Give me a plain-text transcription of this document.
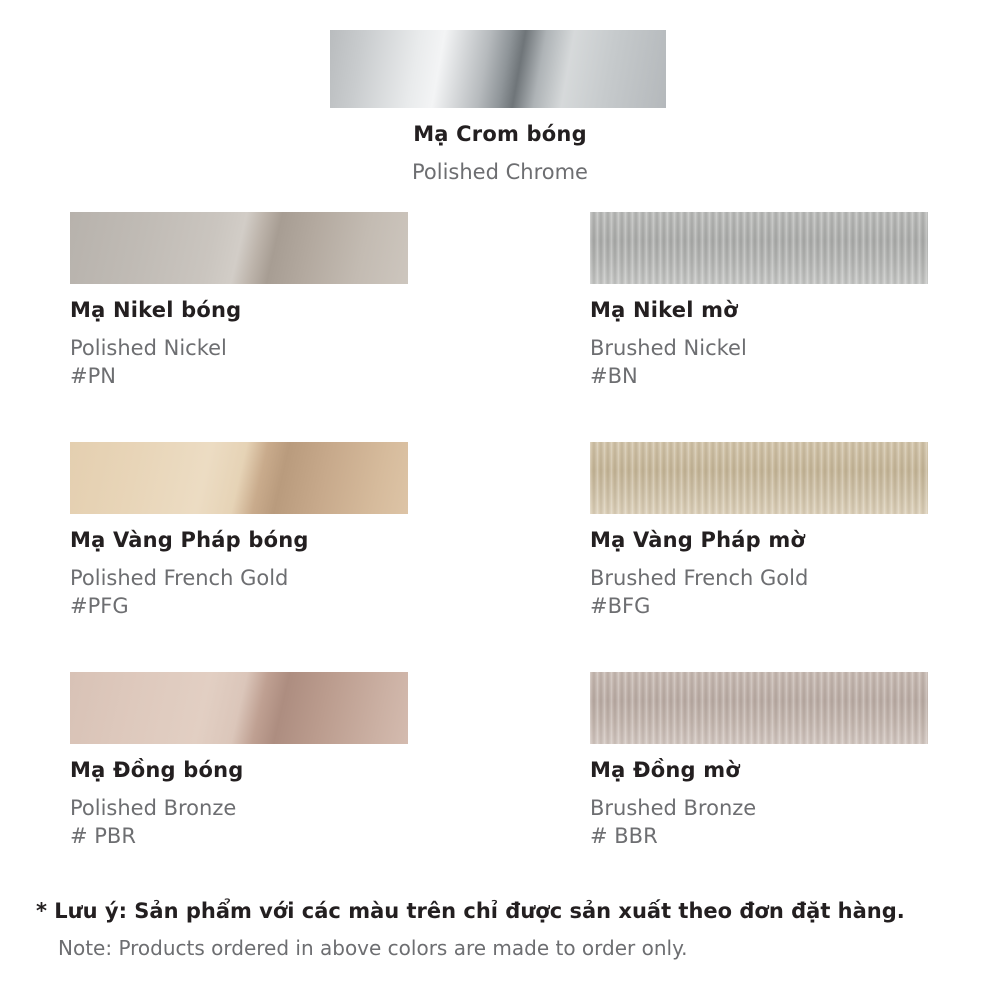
Mạ Crom bóng
Polished Chrome
Mạ Nikel bóng
Polished Nickel
#PN
Mạ Nikel mờ
Brushed Nickel
#BN
Mạ Vàng Pháp bóng
Polished French Gold
#PFG
Mạ Vàng Pháp mờ
Brushed French Gold
#BFG
Mạ Đồng bóng
Polished Bronze
# PBR
Mạ Đồng mờ
Brushed Bronze
# BBR
* Lưu ý: Sản phẩm với các màu trên chỉ được sản xuất theo đơn đặt hàng.
Note: Products ordered in above colors are made to order only.
